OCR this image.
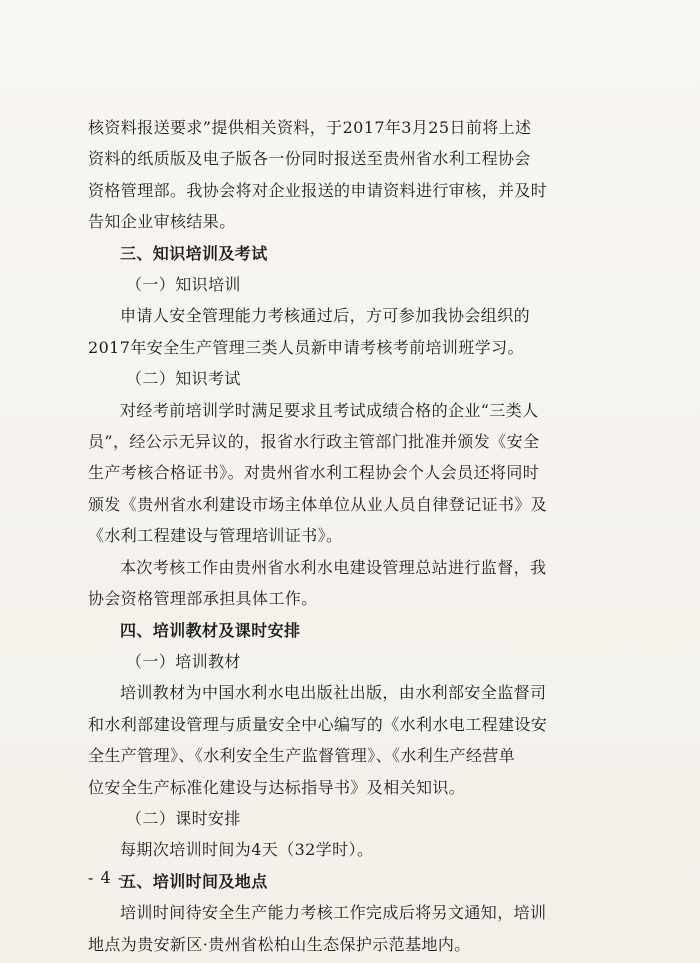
核资料报送要求”提供相关资料，于2017年3月25日前将上述

资料的纸质版及电子版各一份同时报送至贵州省水利工程协会

资格管理部。我协会将对企业报送的申请资料进行审核，并及时

告知企业审核结果。

三、知识培训及考试

（一）知识培训

申请人安全管理能力考核通过后，方可参加我协会组织的

2017年安全生产管理三类人员新申请考核考前培训班学习。

（二）知识考试

对经考前培训学时满足要求且考试成绩合格的企业“三类人

员”，经公示无异议的，报省水行政主管部门批准并颁发《安全

生产考核合格证书》。对贵州省水利工程协会个人会员还将同时

颁发《贵州省水利建设市场主体单位从业人员自律登记证书》及

《水利工程建设与管理培训证书》。

本次考核工作由贵州省水利水电建设管理总站进行监督，我

协会资格管理部承担具体工作。

四、培训教材及课时安排

（一）培训教材

培训教材为中国水利水电出版社出版，由水利部安全监督司

和水利部建设管理与质量安全中心编写的《水利水电工程建设安

全生产管理》、《水利安全生产监督管理》、《水利生产经营单

位安全生产标准化建设与达标指导书》及相关知识。

（二）课时安排

每期次培训时间为4天（32学时）。

五、培训时间及地点

培训时间待安全生产能力考核工作完成后将另文通知，培训

地点为贵安新区·贵州省松柏山生态保护示范基地内。

- 4 -
